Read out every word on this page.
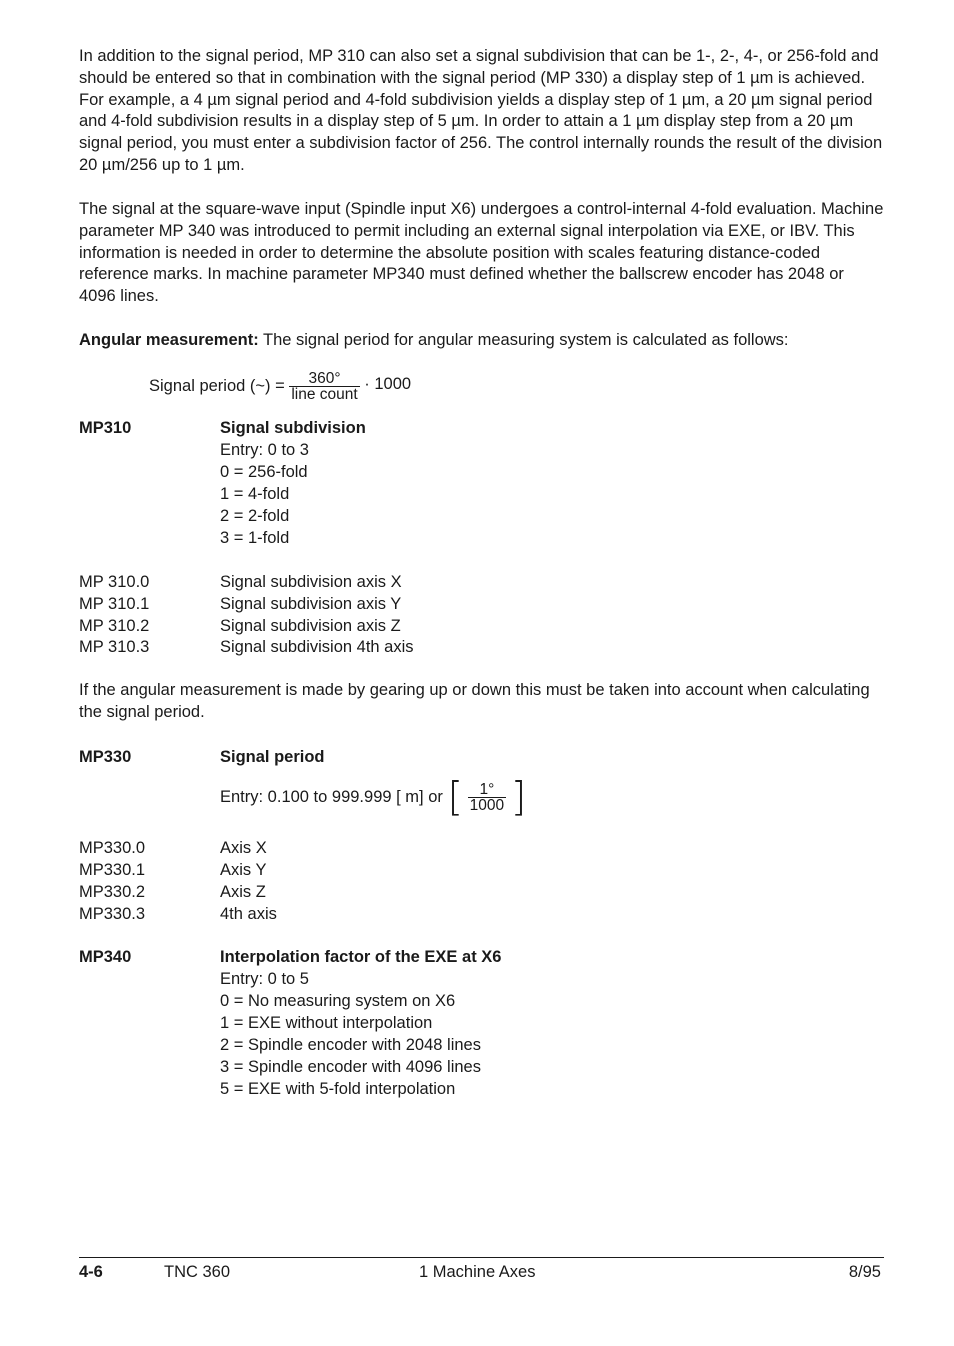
In addition to the signal period, MP 310 can also set a signal subdivision that can be 1-, 2-, 4-, or 256-fold and should be entered so that in combination with the signal period (MP 330) a display step of 1 µm is achieved. For example, a 4 µm signal period and 4-fold subdivision yields a display step of 1 µm, a 20 µm signal period and 4-fold subdivision results in a display step of 5 µm. In order to attain a 1 µm display step from a 20 µm signal period, you must enter a subdivision factor of 256. The control internally rounds the result of the division 20 µm/256 up to 1 µm.

The signal at the square-wave input (Spindle input X6) undergoes a control-internal 4-fold evaluation. Machine parameter MP 340 was introduced to permit including an external signal interpolation via EXE, or IBV. This information is needed in order to determine the absolute position with scales featuring distance-coded reference marks. In machine parameter MP340 must defined whether the ballscrew encoder has 2048 or 4096 lines.

Angular measurement: The signal period for angular measuring system is calculated as follows:

Signal period (~) = $\frac{360^\circ}{\text{line count}} \cdot 1000$
MP310	Signal subdivision
Entry: 0 to 3
0 = 256-fold
1 = 4-fold
2 = 2-fold
3 = 1-fold
MP 310.0	Signal subdivision axis X
MP 310.1	Signal subdivision axis Y
MP 310.2	Signal subdivision axis Z
MP 310.3	Signal subdivision 4th axis

If the angular measurement is made by gearing up or down this must be taken into account when calculating the signal period.

MP330	Signal period
Entry: 0.100 to 999.999 [ m] or [ $\frac{1^\circ}{1000}$ ]
MP330.0	Axis X
MP330.1	Axis Y
MP330.2	Axis Z
MP330.3	4th axis
MP340	Interpolation factor of the EXE at X6
Entry: 0 to 5
0 = No measuring system on X6
1 = EXE without interpolation
2 = Spindle encoder with 2048 lines
3 = Spindle encoder with 4096 lines
5 = EXE with 5-fold interpolation
4-6	TNC 360	1 Machine Axes	8/95
